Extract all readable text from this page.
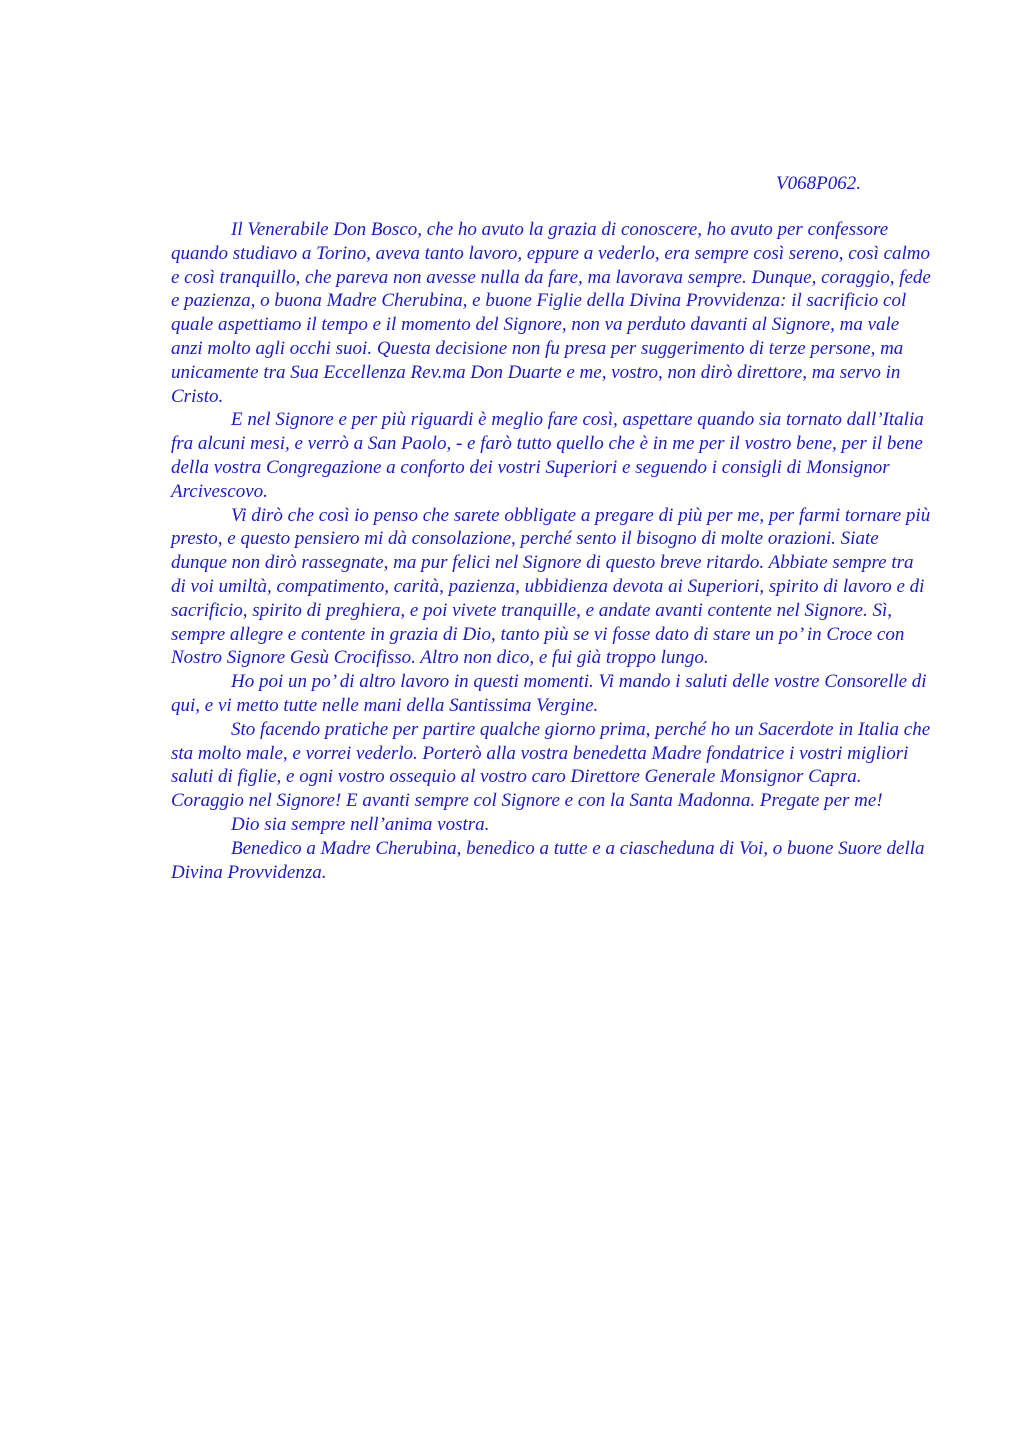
V068P062.

Il Venerabile Don Bosco, che ho avuto la grazia di conoscere, ho avuto per confessore quando studiavo a Torino, aveva tanto lavoro, eppure a vederlo, era sempre così sereno, così calmo e così tranquillo, che pareva non avesse nulla da fare, ma lavorava sempre. Dunque, coraggio, fede e pazienza, o buona Madre Cherubina, e buone Figlie della Divina Provvidenza: il sacrificio col quale aspettiamo il tempo e il momento del Signore, non va perduto davanti al Signore, ma vale anzi molto agli occhi suoi. Questa decisione non fu presa per suggerimento di terze persone, ma unicamente tra Sua Eccellenza Rev.ma Don Duarte e me, vostro, non dirò direttore, ma servo in Cristo.

E nel Signore e per più riguardi è meglio fare così, aspettare quando sia tornato dall’Italia fra alcuni mesi, e verrò a San Paolo, - e farò tutto quello che è in me per il vostro bene, per il bene della vostra Congregazione a conforto dei vostri Superiori e seguendo i consigli di Monsignor Arcivescovo.

Vi dirò che così io penso che sarete obbligate a pregare di più per me, per farmi tornare più presto, e questo pensiero mi dà consolazione, perché sento il bisogno di molte orazioni. Siate dunque non dirò rassegnate, ma pur felici nel Signore di questo breve ritardo. Abbiate sempre tra di voi umiltà, compatimento, carità, pazienza, ubbidienza devota ai Superiori, spirito di lavoro e di sacrificio, spirito di preghiera, e poi vivete tranquille, e andate avanti contente nel Signore. Sì, sempre allegre e contente in grazia di Dio, tanto più se vi fosse dato di stare un po’ in Croce con Nostro Signore Gesù Crocifisso. Altro non dico, e fui già troppo lungo.

Ho poi un po’ di altro lavoro in questi momenti. Vi mando i saluti delle vostre Consorelle di qui, e vi metto tutte nelle mani della Santissima Vergine.

Sto facendo pratiche per partire qualche giorno prima, perché ho un Sacerdote in Italia che sta molto male, e vorrei vederlo. Porterò alla vostra benedetta Madre fondatrice i vostri migliori saluti di figlie, e ogni vostro ossequio al vostro caro Direttore Generale Monsignor Capra. Coraggio nel Signore! E avanti sempre col Signore e con la Santa Madonna. Pregate per me!

Dio sia sempre nell’anima vostra.

Benedico a Madre Cherubina, benedico a tutte e a ciascheduna di Voi, o buone Suore della Divina Provvidenza.
